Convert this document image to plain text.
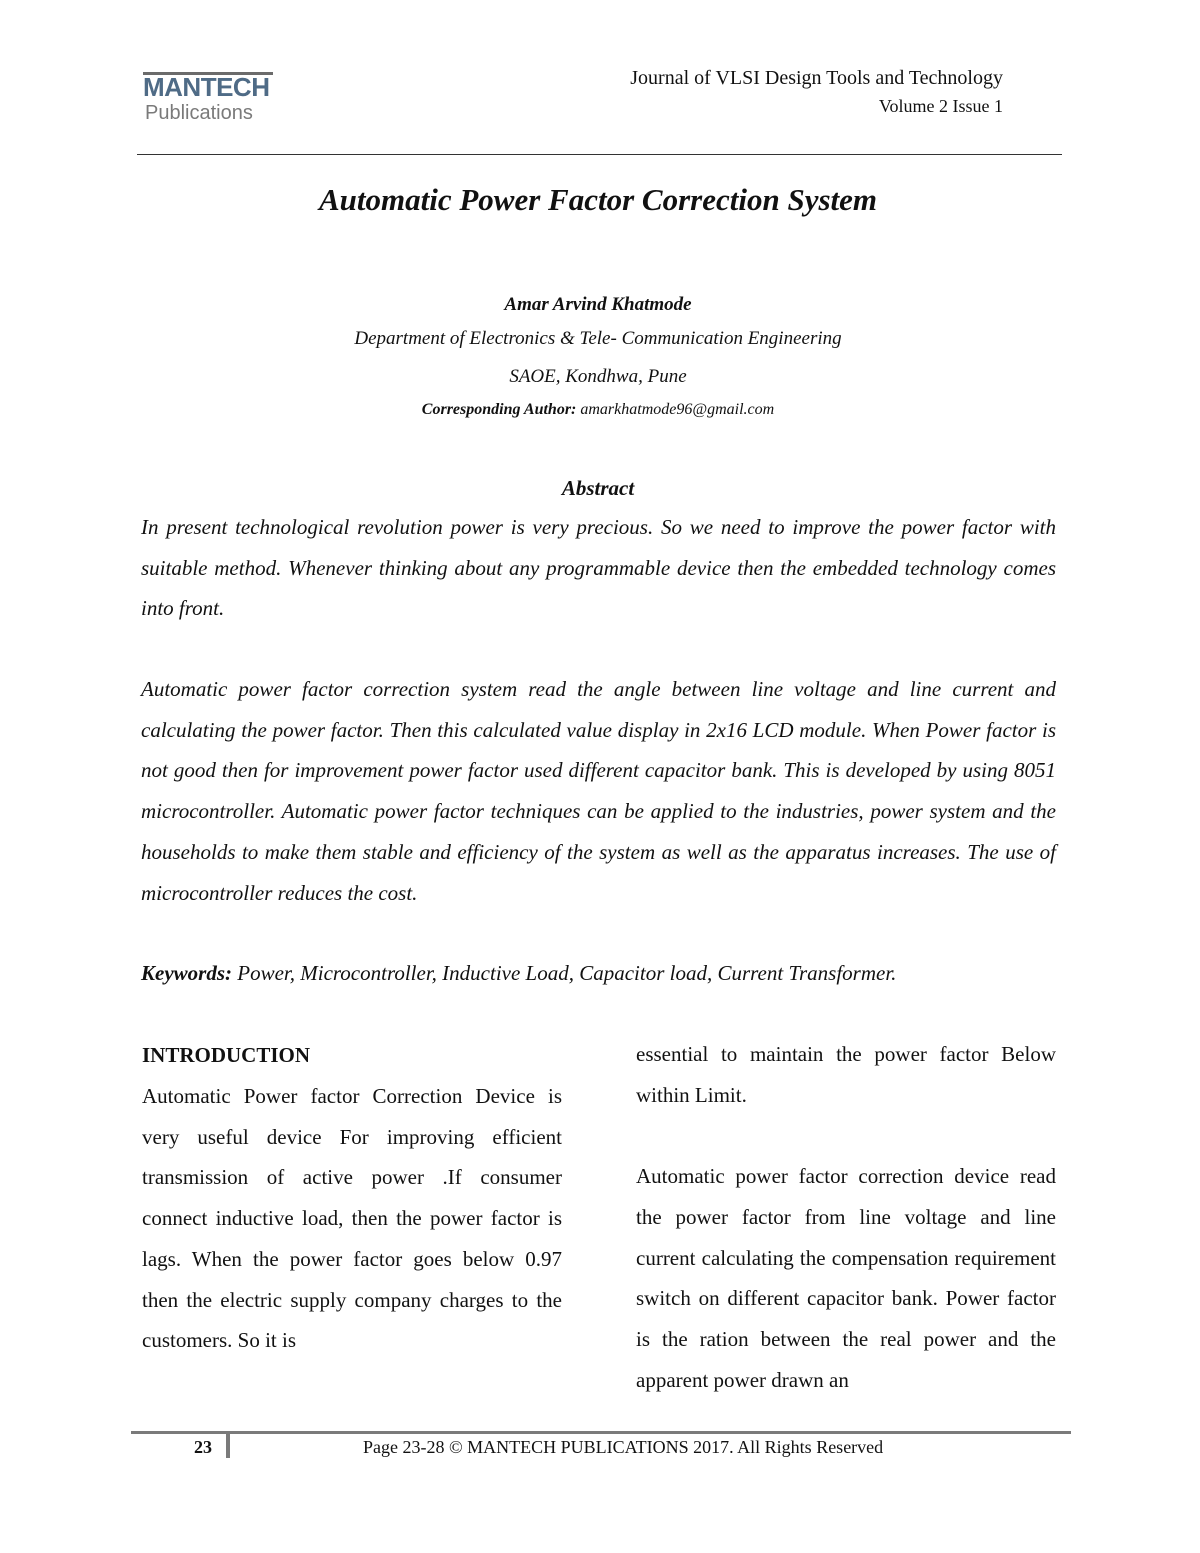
MANTECH
Publications
Journal of VLSI Design Tools and Technology
Volume 2 Issue 1
Automatic Power Factor Correction System
Amar Arvind Khatmode
Department of Electronics & Tele- Communication Engineering
SAOE, Kondhwa, Pune
Corresponding Author: amarkhatmode96@gmail.com
Abstract

In present technological revolution power is very precious. So we need to improve the power factor with suitable method. Whenever thinking about any programmable device then the embedded technology comes into front.

Automatic power factor correction system read the angle between line voltage and line current and calculating the power factor. Then this calculated value display in 2x16 LCD module. When Power factor is not good then for improvement power factor used different capacitor bank. This is developed by using 8051 microcontroller. Automatic power factor techniques can be applied to the industries, power system and the households to make them stable and efficiency of the system as well as the apparatus increases. The use of microcontroller reduces the cost.

Keywords: Power, Microcontroller, Inductive Load, Capacitor load, Current Transformer.
INTRODUCTION

Automatic Power factor Correction Device is very useful device For improving efficient transmission of active power .If consumer connect inductive load, then the power factor is lags. When the power factor goes below 0.97 then the electric supply company charges to the customers. So it is

essential to maintain the power factor Below within Limit.

Automatic power factor correction device read the power factor from line voltage and line current calculating the compensation requirement switch on different capacitor bank. Power factor is the ration between the real power and the apparent power drawn an

23	Page 23-28 © MANTECH PUBLICATIONS 2017. All Rights Reserved
